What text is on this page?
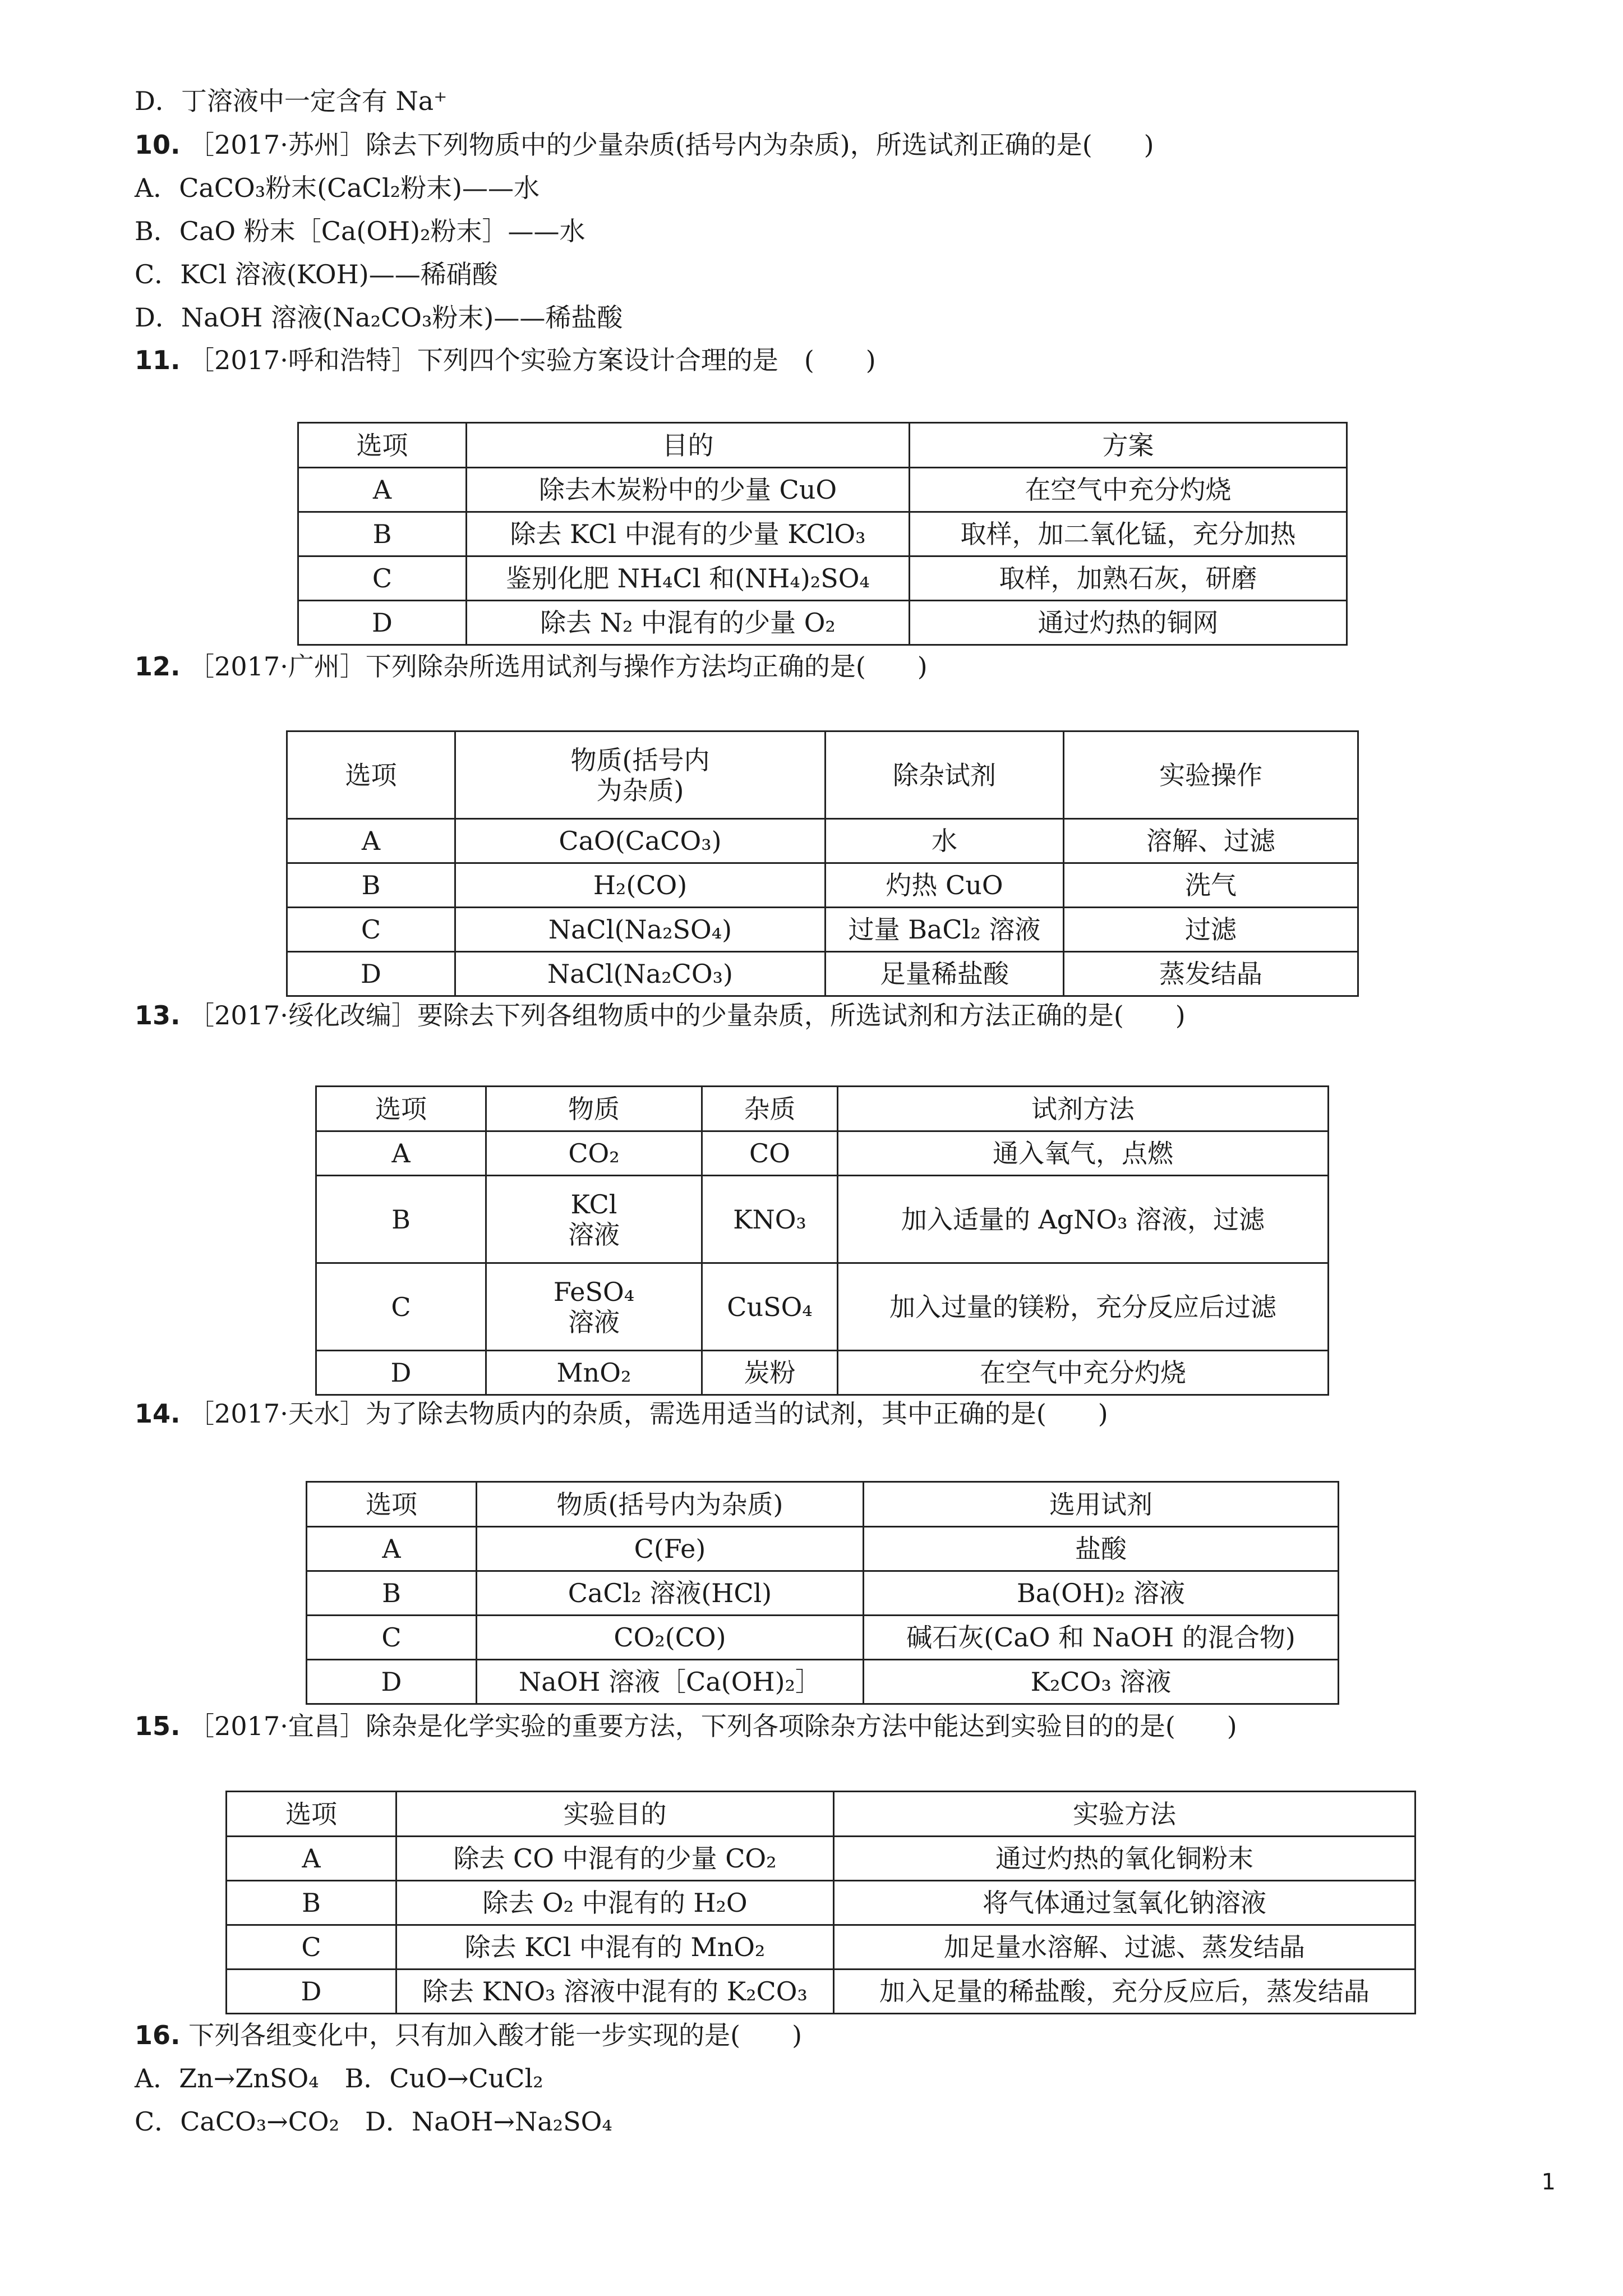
D．丁溶液中一定含有 Na⁺
10. ［2017·苏州］除去下列物质中的少量杂质(括号内为杂质)，所选试剂正确的是(　　)
A．CaCO₃粉末(CaCl₂粉末)——水
B．CaO 粉末［Ca(OH)₂粉末］——水
C．KCl 溶液(KOH)——稀硝酸
D．NaOH 溶液(Na₂CO₃粉末)——稀盐酸
11. ［2017·呼和浩特］下列四个实验方案设计合理的是　(　　)
选项	目的	方案
A	除去木炭粉中的少量 CuO	在空气中充分灼烧
B	除去 KCl 中混有的少量 KClO₃	取样，加二氧化锰，充分加热
C	鉴别化肥 NH₄Cl 和(NH₄)₂SO₄	取样，加熟石灰，研磨
D	除去 N₂ 中混有的少量 O₂	通过灼热的铜网
12. ［2017·广州］下列除杂所选用试剂与操作方法均正确的是(　　)
选项	物质(括号内
为杂质)	除杂试剂	实验操作
A	CaO(CaCO₃)	水	溶解、过滤
B	H₂(CO)	灼热 CuO	洗气
C	NaCl(Na₂SO₄)	过量 BaCl₂ 溶液	过滤
D	NaCl(Na₂CO₃)	足量稀盐酸	蒸发结晶
13. ［2017·绥化改编］要除去下列各组物质中的少量杂质，所选试剂和方法正确的是(　　)
选项	物质	杂质	试剂方法
A	CO₂	CO	通入氧气，点燃
B	KCl
溶液	KNO₃	加入适量的 AgNO₃ 溶液，过滤
C	FeSO₄
溶液	CuSO₄	加入过量的镁粉，充分反应后过滤
D	MnO₂	炭粉	在空气中充分灼烧
14. ［2017·天水］为了除去物质内的杂质，需选用适当的试剂，其中正确的是(　　)
选项	物质(括号内为杂质)	选用试剂
A	C(Fe)	盐酸
B	CaCl₂ 溶液(HCl)	Ba(OH)₂ 溶液
C	CO₂(CO)	碱石灰(CaO 和 NaOH 的混合物)
D	NaOH 溶液［Ca(OH)₂］	K₂CO₃ 溶液
15. ［2017·宜昌］除杂是化学实验的重要方法，下列各项除杂方法中能达到实验目的的是(　　)
选项	实验目的	实验方法
A	除去 CO 中混有的少量 CO₂	通过灼热的氧化铜粉末
B	除去 O₂ 中混有的 H₂O	将气体通过氢氧化钠溶液
C	除去 KCl 中混有的 MnO₂	加足量水溶解、过滤、蒸发结晶
D	除去 KNO₃ 溶液中混有的 K₂CO₃	加入足量的稀盐酸，充分反应后，蒸发结晶
16. 下列各组变化中，只有加入酸才能一步实现的是(　　)
A．Zn→ZnSO₄　B．CuO→CuCl₂
C．CaCO₃→CO₂　D．NaOH→Na₂SO₄
1
